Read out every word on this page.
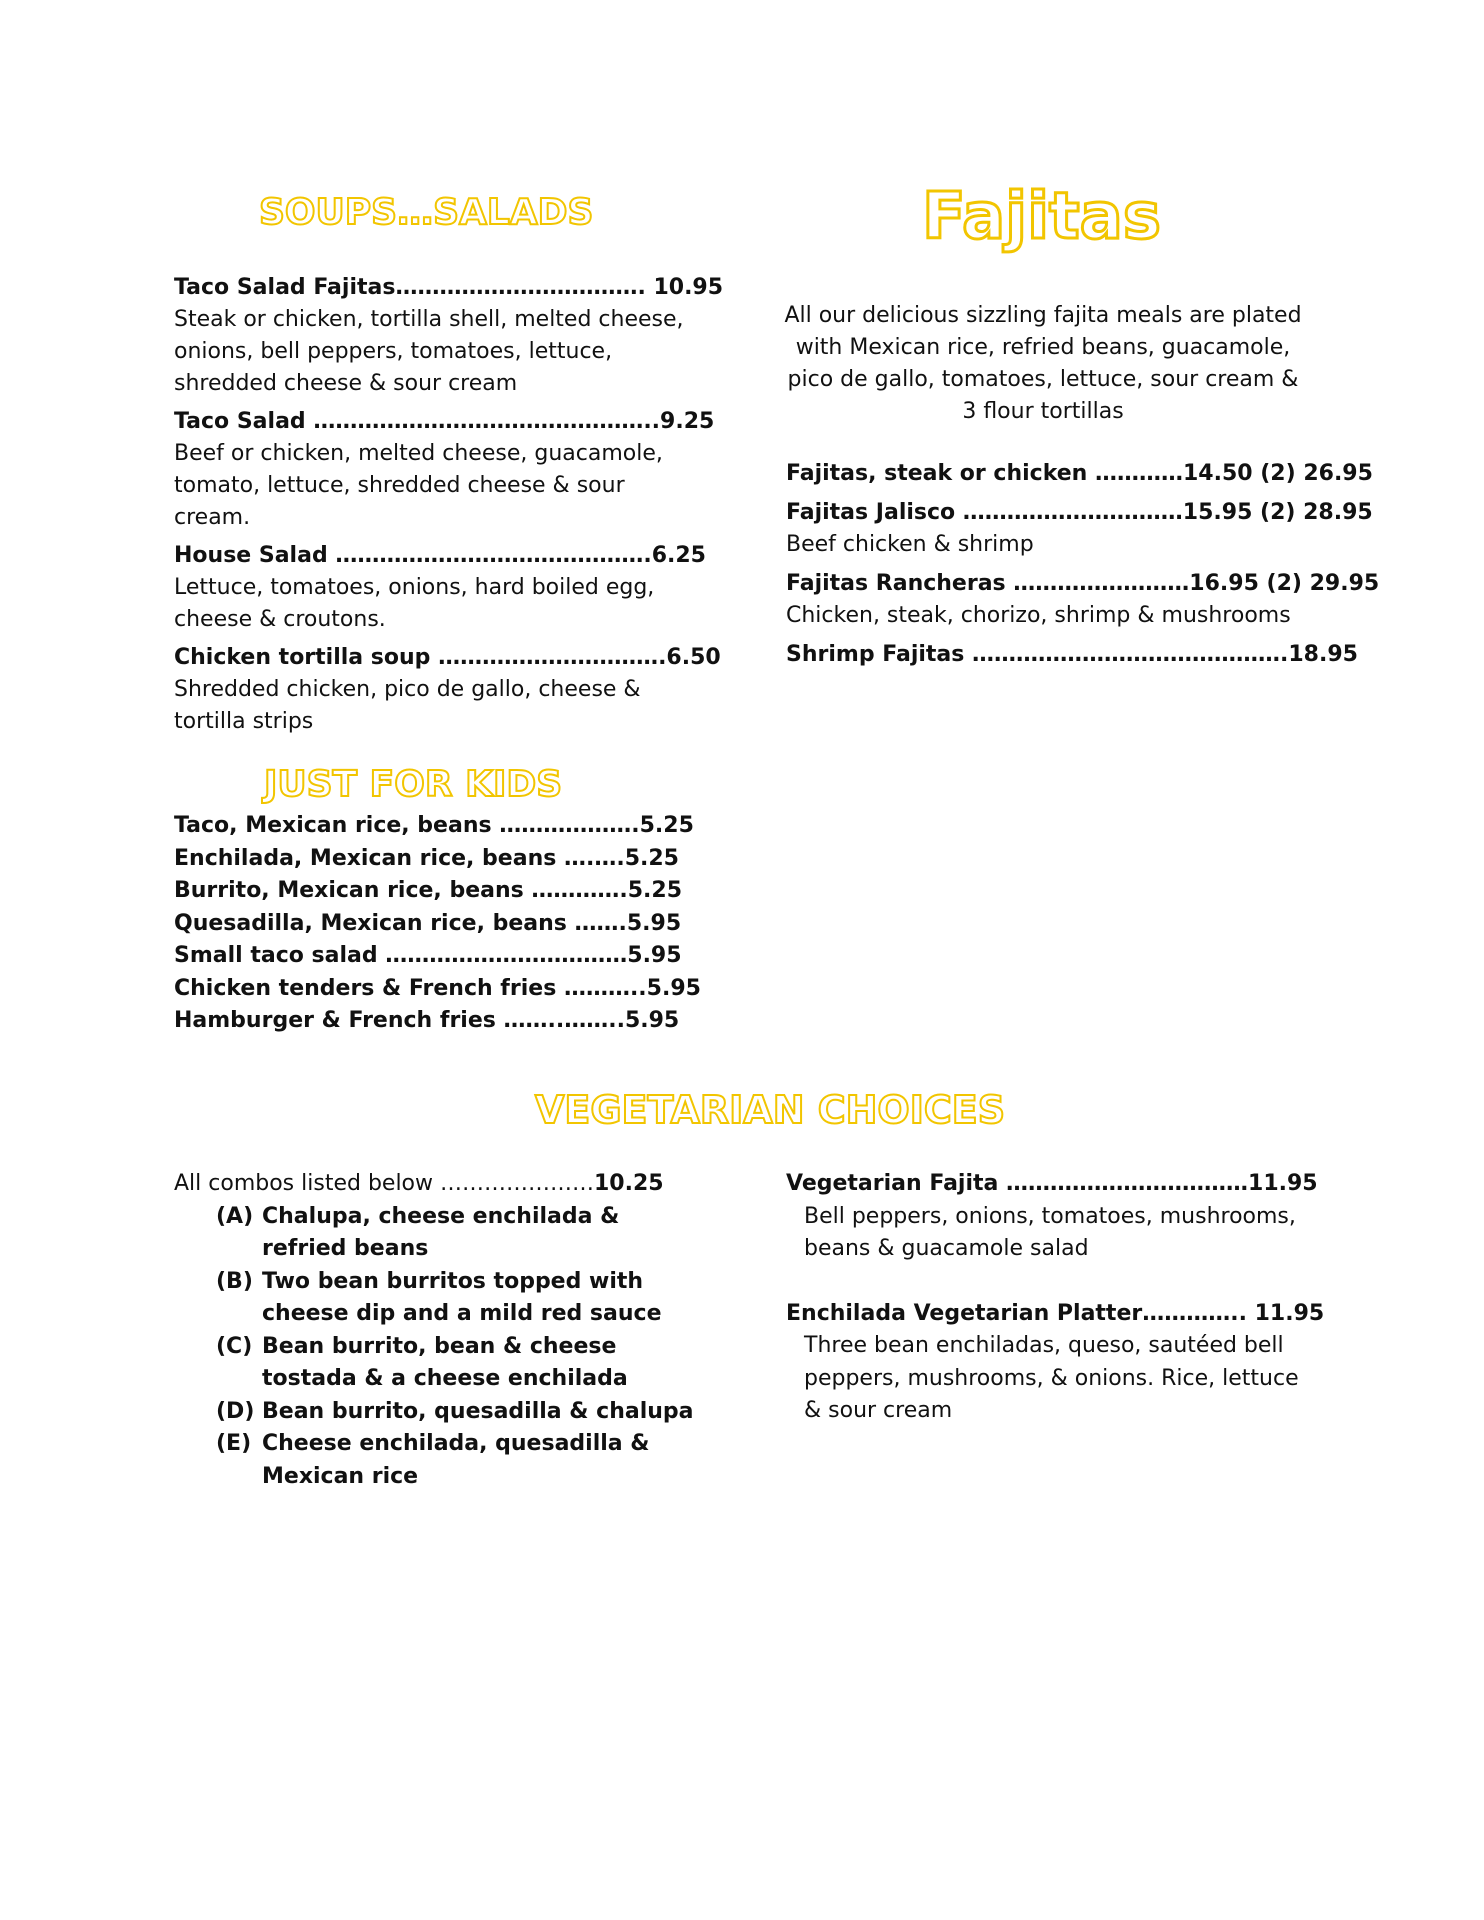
SOUPS…SALADS	Fajitas
Taco Salad Fajitas……………………………. 10.95
Steak or chicken, tortilla shell, melted cheese, onions, bell peppers, tomatoes, lettuce, shredded cheese & sour cream
Taco Salad ………………………………………..9.25
Beef or chicken, melted cheese, guacamole, tomato, lettuce, shredded cheese & sour cream.
House Salad …………………………………….6.25
Lettuce, tomatoes, onions, hard boiled egg, cheese & croutons.
Chicken tortilla soup ………………………….6.50
Shredded chicken, pico de gallo, cheese & tortilla strips
JUST FOR KIDS
Taco, Mexican rice, beans ……………….5.25
Enchilada, Mexican rice, beans ….….5.25
Burrito, Mexican rice, beans ………….5.25
Quesadilla, Mexican rice, beans …….5.95
Small taco salad ……………………………5.95
Chicken tenders & French fries ………..5.95
Hamburger & French fries ……..……..5.95
All our delicious sizzling fajita meals are plated with Mexican rice, refried beans, guacamole, pico de gallo, tomatoes, lettuce, sour cream & 3 flour tortillas
Fajitas, steak or chicken …………14.50 (2) 26.95
Fajitas Jalisco …………………………15.95 (2) 28.95
Beef chicken & shrimp
Fajitas Rancheras ……………………16.95 (2) 29.95
Chicken, steak, chorizo, shrimp & mushrooms
Shrimp Fajitas …………………………………….18.95
VEGETARIAN CHOICES
All combos listed below …………………10.25
(A) Chalupa, cheese enchilada & refried beans
(B) Two bean burritos topped with cheese dip and a mild red sauce
(C) Bean burrito, bean & cheese tostada & a cheese enchilada
(D) Bean burrito, quesadilla & chalupa
(E) Cheese enchilada, quesadilla & Mexican rice
Vegetarian Fajita ……………………………11.95
Bell peppers, onions, tomatoes, mushrooms, beans & guacamole salad
Enchilada Vegetarian Platter………….. 11.95
Three bean enchiladas, queso, sautéed bell peppers, mushrooms, & onions. Rice, lettuce & sour cream
